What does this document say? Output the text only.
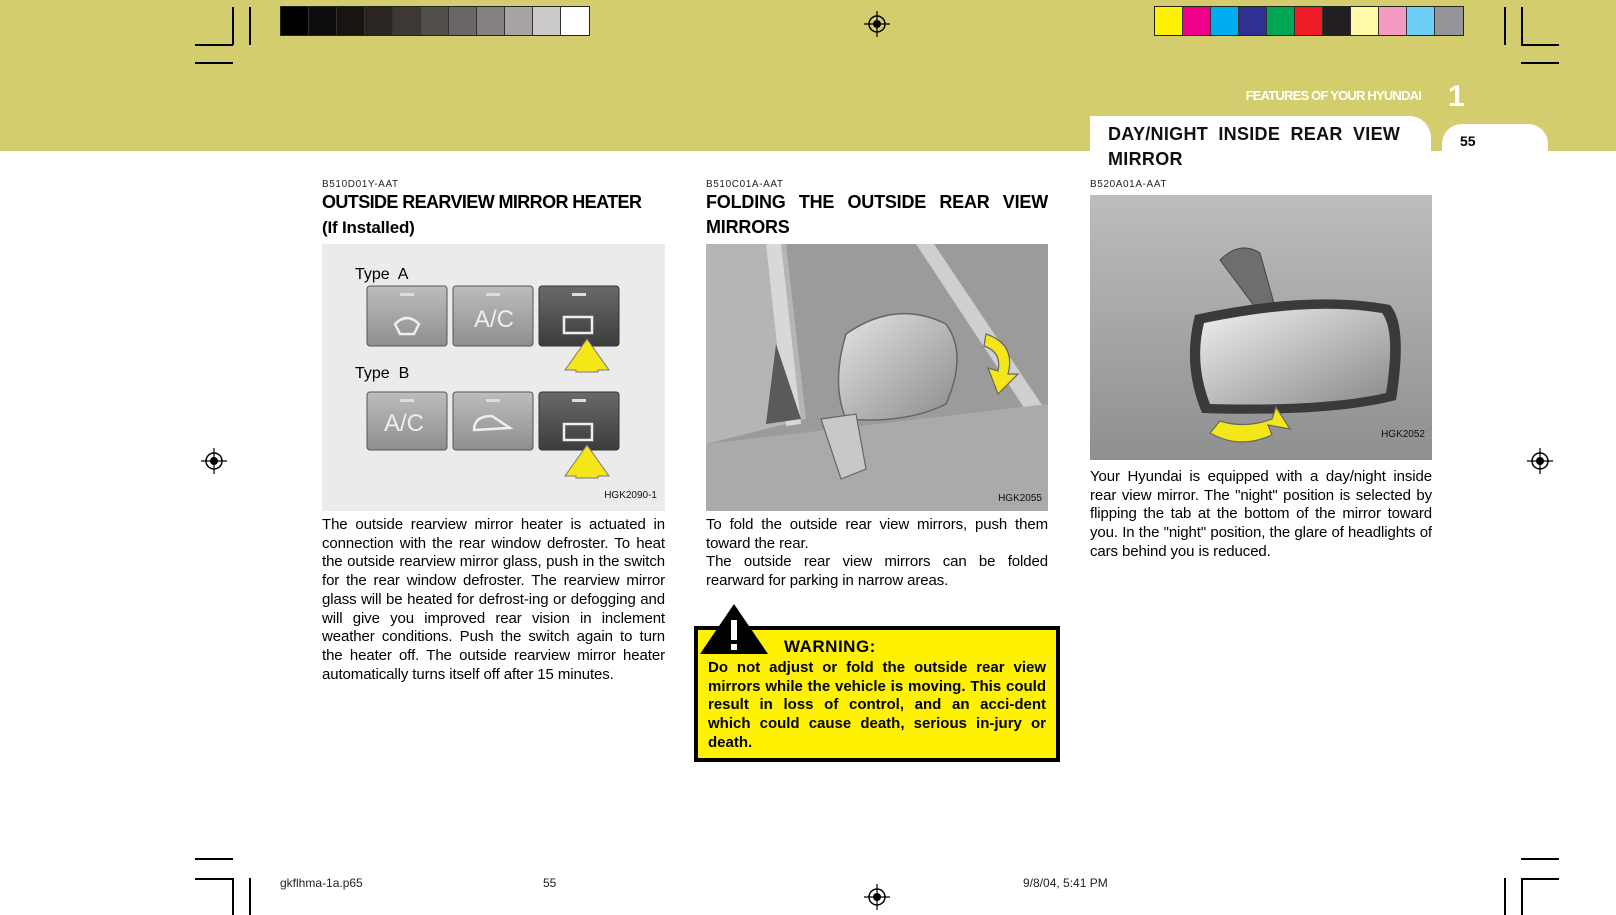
FEATURES OF YOUR HYUNDAI 1
DAY/NIGHT INSIDE REAR VIEW MIRROR
55
B510D01Y-AAT
OUTSIDE REARVIEW MIRROR HEATER
(If Installed)
Type  A
Type  B
A/C
A/C
HGK2090-1
The outside rearview mirror heater is actuated in connection with the rear window defroster. To heat the outside rearview mirror glass, push in the switch for the rear window defroster. The rearview mirror glass will be heated for defrost-ing or defogging and will give you improved rear vision in inclement weather conditions. Push the switch again to turn the heater off. The outside rearview mirror heater automatically turns itself off after 15 minutes.
B510C01A-AAT
FOLDING THE OUTSIDE REAR VIEW MIRRORS
HGK2055
To fold the outside rear view mirrors, push them toward the rear.
The outside rear view mirrors can be folded rearward for parking in narrow areas.
WARNING:
Do not adjust or fold the outside rear view mirrors while the vehicle is moving. This could result in loss of control, and an acci-dent which could cause death, serious in-jury or death.
B520A01A-AAT
HGK2052
Your Hyundai is equipped with a day/night inside rear view mirror. The "night" position is selected by flipping the tab at the bottom of the mirror toward you. In the "night" position, the glare of headlights of cars behind you is reduced.
gkflhma-1a.p65	55	9/8/04, 5:41 PM
